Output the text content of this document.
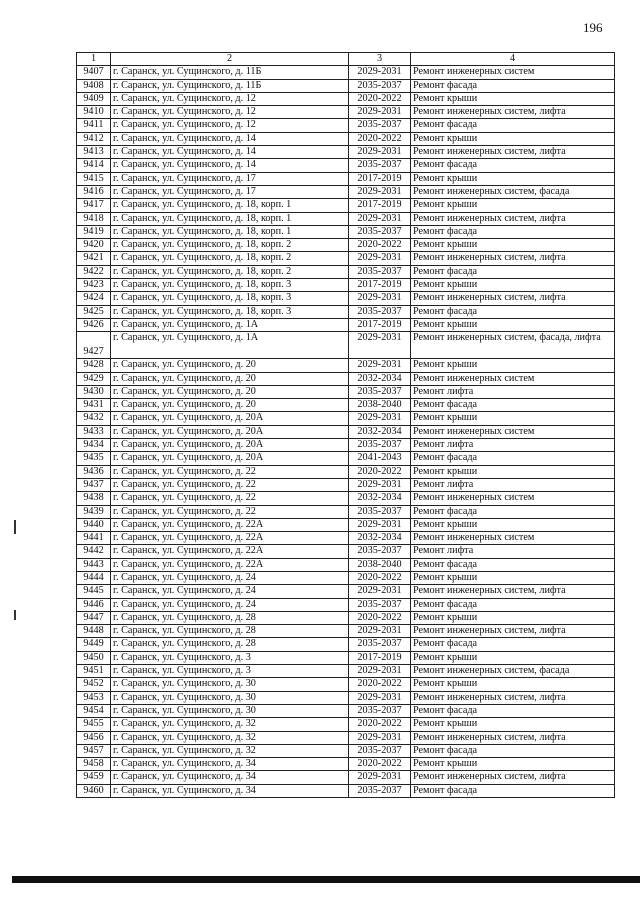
196
1	2	3	4
9407	г. Саранск, ул. Сущинского, д. 11Б	2029-2031	Ремонт инженерных систем
9408	г. Саранск, ул. Сущинского, д. 11Б	2035-2037	Ремонт фасада
9409	г. Саранск, ул. Сущинского, д. 12	2020-2022	Ремонт крыши
9410	г. Саранск, ул. Сущинского, д. 12	2029-2031	Ремонт инженерных систем, лифта
9411	г. Саранск, ул. Сущинского, д. 12	2035-2037	Ремонт фасада
9412	г. Саранск, ул. Сущинского, д. 14	2020-2022	Ремонт крыши
9413	г. Саранск, ул. Сущинского, д. 14	2029-2031	Ремонт инженерных систем, лифта
9414	г. Саранск, ул. Сущинского, д. 14	2035-2037	Ремонт фасада
9415	г. Саранск, ул. Сущинского, д. 17	2017-2019	Ремонт крыши
9416	г. Саранск, ул. Сущинского, д. 17	2029-2031	Ремонт инженерных систем, фасада
9417	г. Саранск, ул. Сущинского, д. 18, корп. 1	2017-2019	Ремонт крыши
9418	г. Саранск, ул. Сущинского, д. 18, корп. 1	2029-2031	Ремонт инженерных систем, лифта
9419	г. Саранск, ул. Сущинского, д. 18, корп. 1	2035-2037	Ремонт фасада
9420	г. Саранск, ул. Сущинского, д. 18, корп. 2	2020-2022	Ремонт крыши
9421	г. Саранск, ул. Сущинского, д. 18, корп. 2	2029-2031	Ремонт инженерных систем, лифта
9422	г. Саранск, ул. Сущинского, д. 18, корп. 2	2035-2037	Ремонт фасада
9423	г. Саранск, ул. Сущинского, д. 18, корп. 3	2017-2019	Ремонт крыши
9424	г. Саранск, ул. Сущинского, д. 18, корп. 3	2029-2031	Ремонт инженерных систем, лифта
9425	г. Саранск, ул. Сущинского, д. 18, корп. 3	2035-2037	Ремонт фасада
9426	г. Саранск, ул. Сущинского, д. 1А	2017-2019	Ремонт крыши
9427	г. Саранск, ул. Сущинского, д. 1А	2029-2031	Ремонт инженерных систем, фасада, лифта
9428	г. Саранск, ул. Сущинского, д. 20	2029-2031	Ремонт крыши
9429	г. Саранск, ул. Сущинского, д. 20	2032-2034	Ремонт инженерных систем
9430	г. Саранск, ул. Сущинского, д. 20	2035-2037	Ремонт лифта
9431	г. Саранск, ул. Сущинского, д. 20	2038-2040	Ремонт фасада
9432	г. Саранск, ул. Сущинского, д. 20А	2029-2031	Ремонт крыши
9433	г. Саранск, ул. Сущинского, д. 20А	2032-2034	Ремонт инженерных систем
9434	г. Саранск, ул. Сущинского, д. 20А	2035-2037	Ремонт лифта
9435	г. Саранск, ул. Сущинского, д. 20А	2041-2043	Ремонт фасада
9436	г. Саранск, ул. Сущинского, д. 22	2020-2022	Ремонт крыши
9437	г. Саранск, ул. Сущинского, д. 22	2029-2031	Ремонт лифта
9438	г. Саранск, ул. Сущинского, д. 22	2032-2034	Ремонт инженерных систем
9439	г. Саранск, ул. Сущинского, д. 22	2035-2037	Ремонт фасада
9440	г. Саранск, ул. Сущинского, д. 22А	2029-2031	Ремонт крыши
9441	г. Саранск, ул. Сущинского, д. 22А	2032-2034	Ремонт инженерных систем
9442	г. Саранск, ул. Сущинского, д. 22А	2035-2037	Ремонт лифта
9443	г. Саранск, ул. Сущинского, д. 22А	2038-2040	Ремонт фасада
9444	г. Саранск, ул. Сущинского, д. 24	2020-2022	Ремонт крыши
9445	г. Саранск, ул. Сущинского, д. 24	2029-2031	Ремонт инженерных систем, лифта
9446	г. Саранск, ул. Сущинского, д. 24	2035-2037	Ремонт фасада
9447	г. Саранск, ул. Сущинского, д. 28	2020-2022	Ремонт крыши
9448	г. Саранск, ул. Сущинского, д. 28	2029-2031	Ремонт инженерных систем, лифта
9449	г. Саранск, ул. Сущинского, д. 28	2035-2037	Ремонт фасада
9450	г. Саранск, ул. Сущинского, д. 3	2017-2019	Ремонт крыши
9451	г. Саранск, ул. Сущинского, д. 3	2029-2031	Ремонт инженерных систем, фасада
9452	г. Саранск, ул. Сущинского, д. 30	2020-2022	Ремонт крыши
9453	г. Саранск, ул. Сущинского, д. 30	2029-2031	Ремонт инженерных систем, лифта
9454	г. Саранск, ул. Сущинского, д. 30	2035-2037	Ремонт фасада
9455	г. Саранск, ул. Сущинского, д. 32	2020-2022	Ремонт крыши
9456	г. Саранск, ул. Сущинского, д. 32	2029-2031	Ремонт инженерных систем, лифта
9457	г. Саранск, ул. Сущинского, д. 32	2035-2037	Ремонт фасада
9458	г. Саранск, ул. Сущинского, д. 34	2020-2022	Ремонт крыши
9459	г. Саранск, ул. Сущинского, д. 34	2029-2031	Ремонт инженерных систем, лифта
9460	г. Саранск, ул. Сущинского, д. 34	2035-2037	Ремонт фасада
